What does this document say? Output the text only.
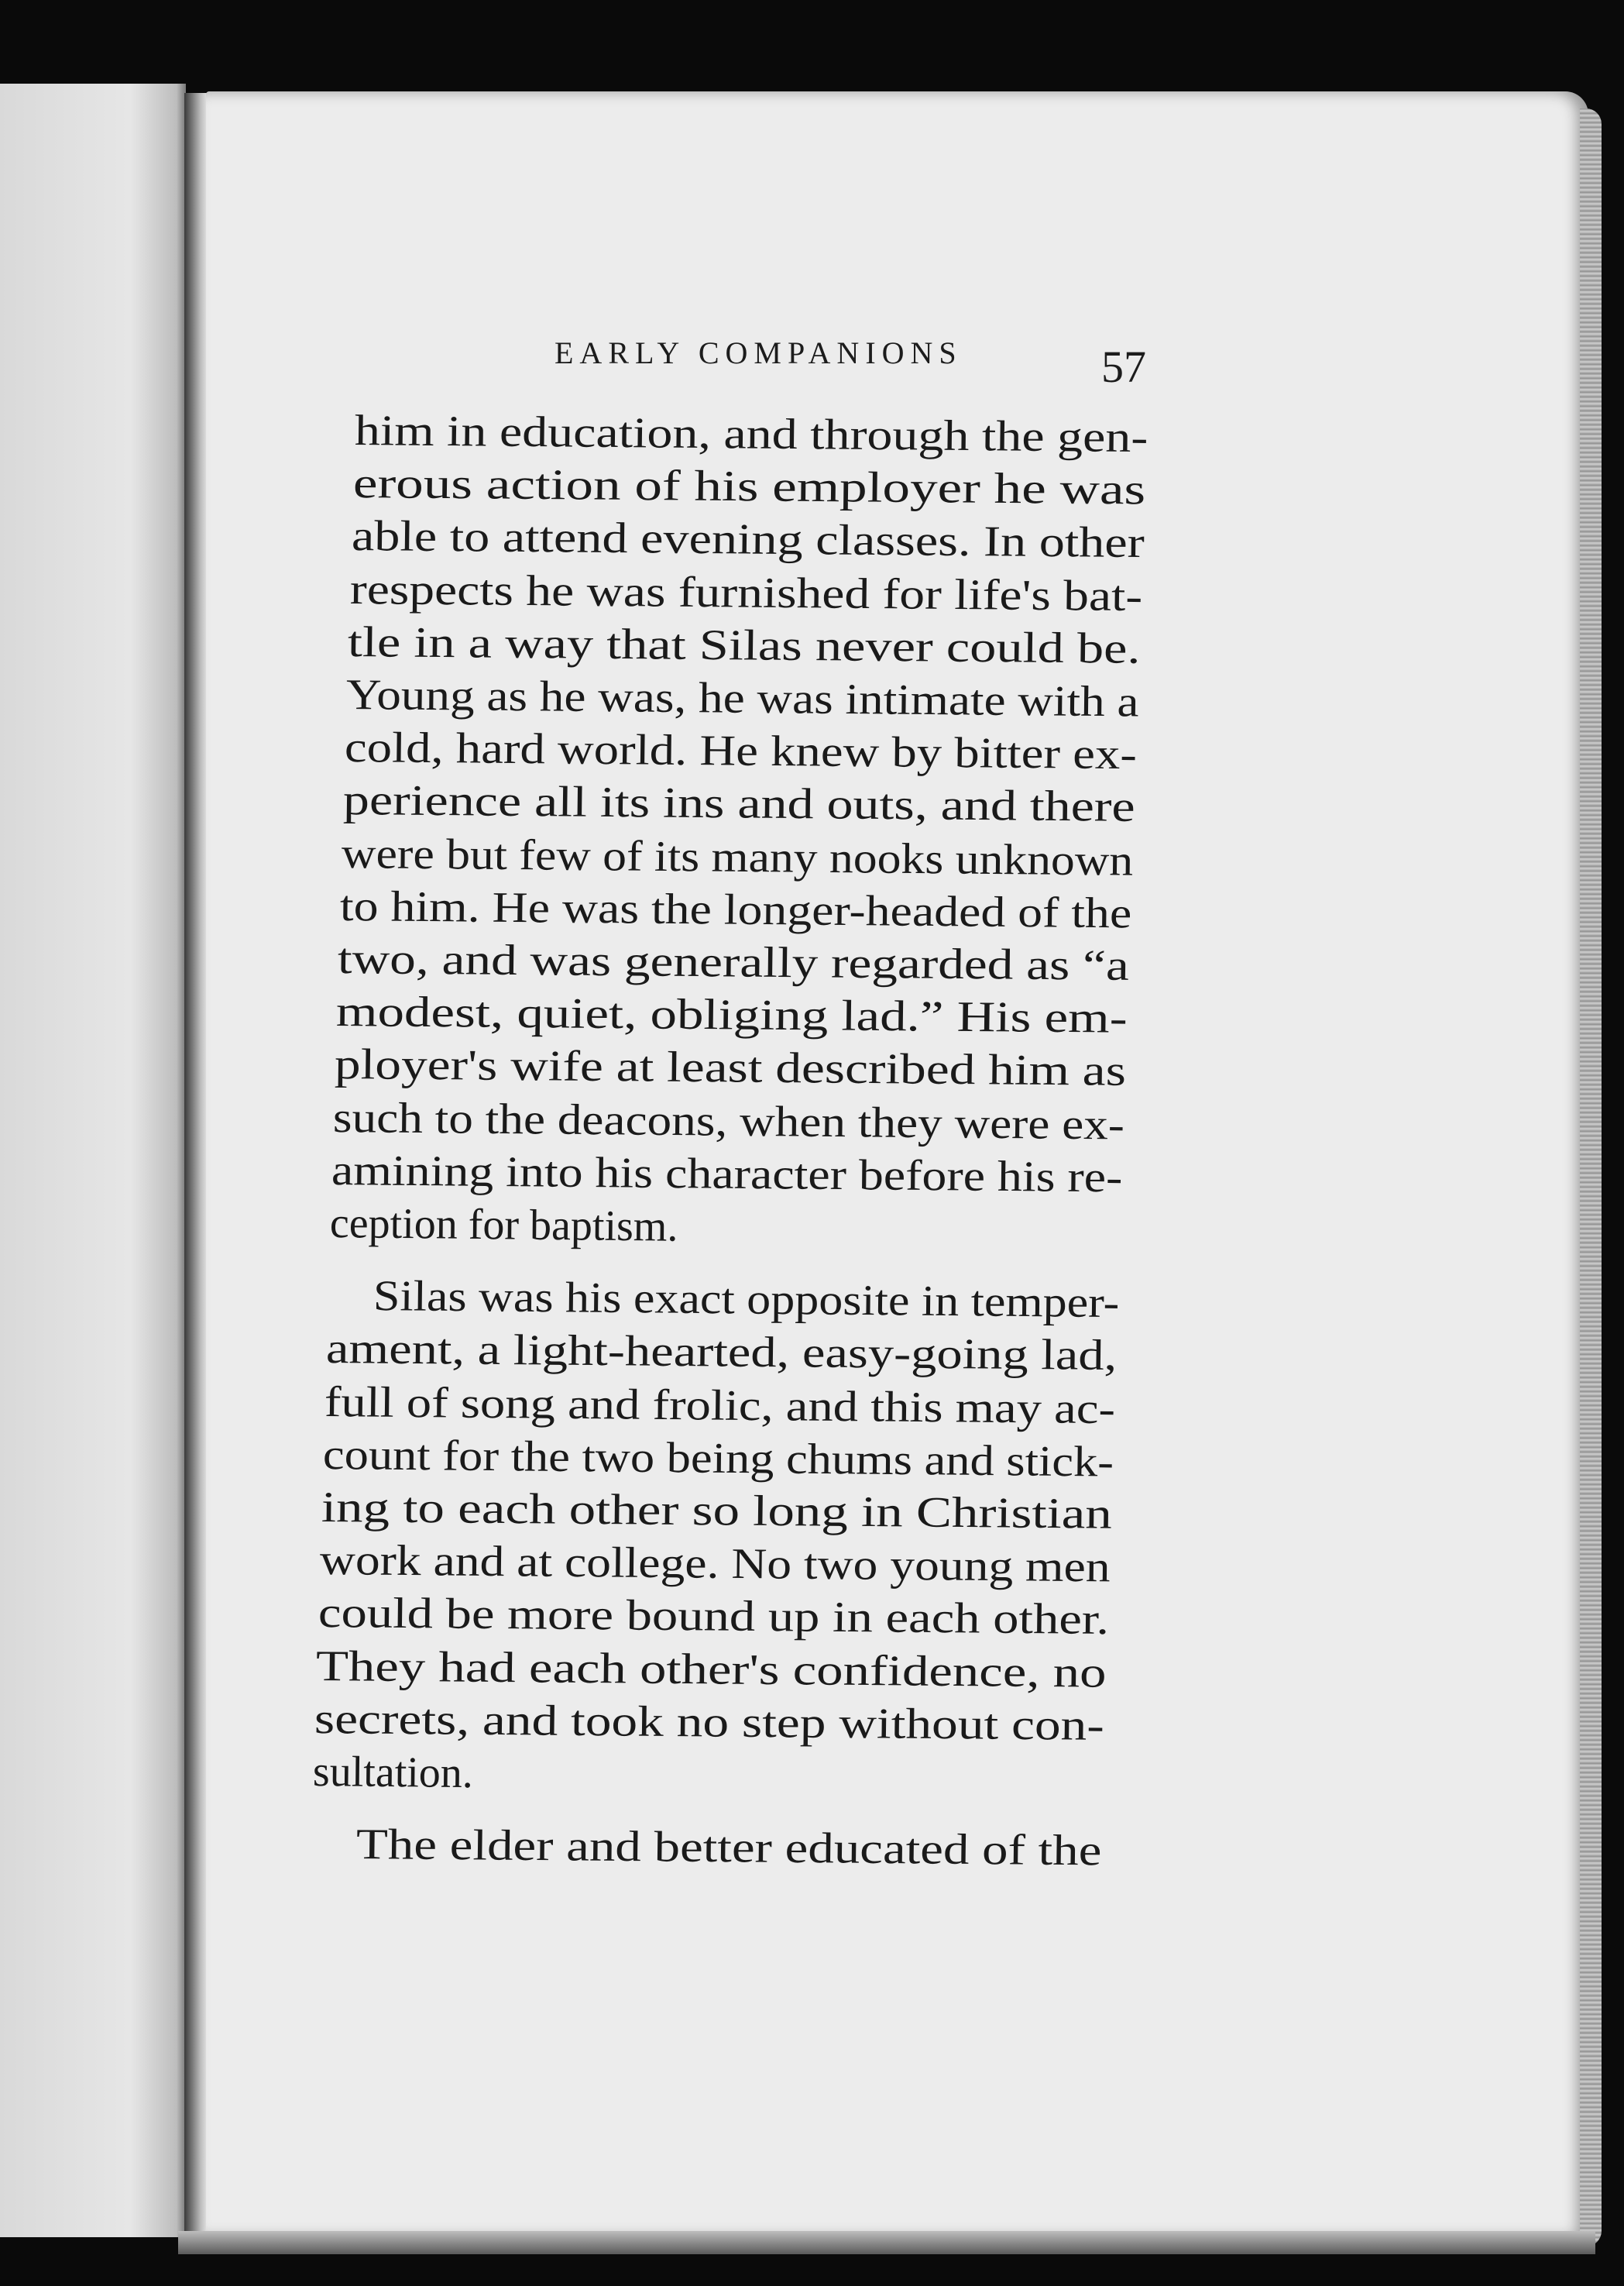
EARLY COMPANIONS	57
him in education, and through the gen-
erous action of his employer he was
able to attend evening classes. In other
respects he was furnished for life's bat-
tle in a way that Silas never could be.
Young as he was, he was intimate with a
cold, hard world. He knew by bitter ex-
perience all its ins and outs, and there
were but few of its many nooks unknown
to him. He was the longer-headed of the
two, and was generally regarded as “a
modest, quiet, obliging lad.” His em-
ployer's wife at least described him as
such to the deacons, when they were ex-
amining into his character before his re-
ception for baptism.
Silas was his exact opposite in temper-
ament, a light-hearted, easy-going lad,
full of song and frolic, and this may ac-
count for the two being chums and stick-
ing to each other so long in Christian
work and at college. No two young men
could be more bound up in each other.
They had each other's confidence, no
secrets, and took no step without con-
sultation.
The elder and better educated of the
